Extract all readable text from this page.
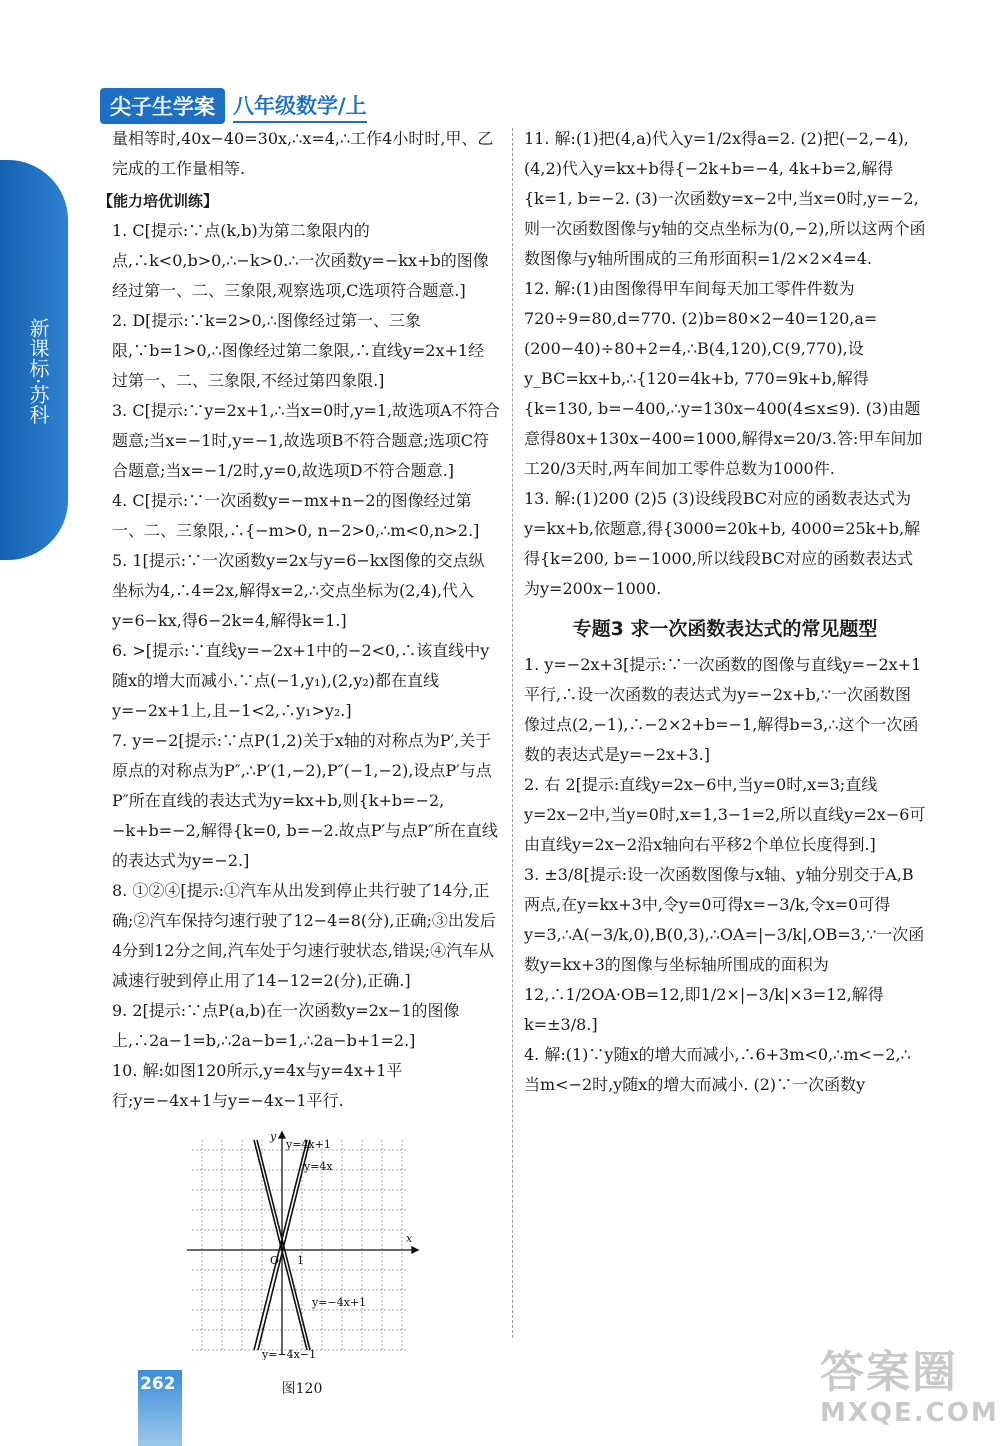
新课标·苏科
尖子生学案 八年级数学/上

量相等时,40x−40=30x,∴x=4,∴工作4小时时,甲、乙完成的工作量相等.

【能力培优训练】

1. C[提示:∵点(k,b)为第二象限内的点,∴k<0,b>0,∴−k>0.∴一次函数y=−kx+b的图像经过第一、二、三象限,观察选项,C选项符合题意.]

2. D[提示:∵k=2>0,∴图像经过第一、三象限,∵b=1>0,∴图像经过第二象限,∴直线y=2x+1经过第一、二、三象限,不经过第四象限.]

3. C[提示:∵y=2x+1,∴当x=0时,y=1,故选项A不符合题意;当x=−1时,y=−1,故选项B不符合题意;选项C符合题意;当x=−1/2时,y=0,故选项D不符合题意.]

4. C[提示:∵一次函数y=−mx+n−2的图像经过第一、二、三象限,∴{−m>0, n−2>0,∴m<0,n>2.]

5. 1[提示:∵一次函数y=2x与y=6−kx图像的交点纵坐标为4,∴4=2x,解得x=2,∴交点坐标为(2,4),代入y=6−kx,得6−2k=4,解得k=1.]

6. >[提示:∵直线y=−2x+1中的−2<0,∴该直线中y随x的增大而减小.∵点(−1,y₁),(2,y₂)都在直线y=−2x+1上,且−1<2,∴y₁>y₂.]

7. y=−2[提示:∵点P(1,2)关于x轴的对称点为P′,关于原点的对称点为P″,∴P′(1,−2),P″(−1,−2),设点P′与点P″所在直线的表达式为y=kx+b,则{k+b=−2, −k+b=−2,解得{k=0, b=−2.故点P′与点P″所在直线的表达式为y=−2.]

8. ①②④[提示:①汽车从出发到停止共行驶了14分,正确;②汽车保持匀速行驶了12−4=8(分),正确;③出发后4分到12分之间,汽车处于匀速行驶状态,错误;④汽车从减速行驶到停止用了14−12=2(分),正确.]

9. 2[提示:∵点P(a,b)在一次函数y=2x−1的图像上,∴2a−1=b,∴2a−b=1,∴2a−b+1=2.]

10. 解:如图120所示,y=4x与y=4x+1平行;y=−4x+1与y=−4x−1平行.

y=4x+1
y=4x
y=−4x+1
y=−4x−1
x
y
O 1
图120

11. 解:(1)把(4,a)代入y=1/2x得a=2. (2)把(−2,−4),(4,2)代入y=kx+b得{−2k+b=−4, 4k+b=2,解得{k=1, b=−2. (3)一次函数y=x−2中,当x=0时,y=−2,则一次函数图像与y轴的交点坐标为(0,−2),所以这两个函数图像与y轴所围成的三角形面积=1/2×2×4=4.

12. 解:(1)由图像得甲车间每天加工零件件数为720÷9=80,d=770. (2)b=80×2−40=120,a=(200−40)÷80+2=4,∴B(4,120),C(9,770),设y_BC=kx+b,∴{120=4k+b, 770=9k+b,解得{k=130, b=−400,∴y=130x−400(4≤x≤9). (3)由题意得80x+130x−400=1000,解得x=20/3.答:甲车间加工20/3天时,两车间加工零件总数为1000件.

13. 解:(1)200 (2)5 (3)设线段BC对应的函数表达式为y=kx+b,依题意,得{3000=20k+b, 4000=25k+b,解得{k=200, b=−1000,所以线段BC对应的函数表达式为y=200x−1000.

专题3 求一次函数表达式的常见题型

1. y=−2x+3[提示:∵一次函数的图像与直线y=−2x+1平行,∴设一次函数的表达式为y=−2x+b,∵一次函数图像过点(2,−1),∴−2×2+b=−1,解得b=3,∴这个一次函数的表达式是y=−2x+3.]

2. 右 2[提示:直线y=2x−6中,当y=0时,x=3;直线y=2x−2中,当y=0时,x=1,3−1=2,所以直线y=2x−6可由直线y=2x−2沿x轴向右平移2个单位长度得到.]

3. ±3/8[提示:设一次函数图像与x轴、y轴分别交于A,B两点,在y=kx+3中,令y=0可得x=−3/k,令x=0可得y=3,∴A(−3/k,0),B(0,3),∴OA=|−3/k|,OB=3,∵一次函数y=kx+3的图像与坐标轴所围成的面积为12,∴1/2OA·OB=12,即1/2×|−3/k|×3=12,解得k=±3/8.]

4. 解:(1)∵y随x的增大而减小,∴6+3m<0,∴m<−2,∴当m<−2时,y随x的增大而减小. (2)∵一次函数y

262	答案圈
MXQE.COM
